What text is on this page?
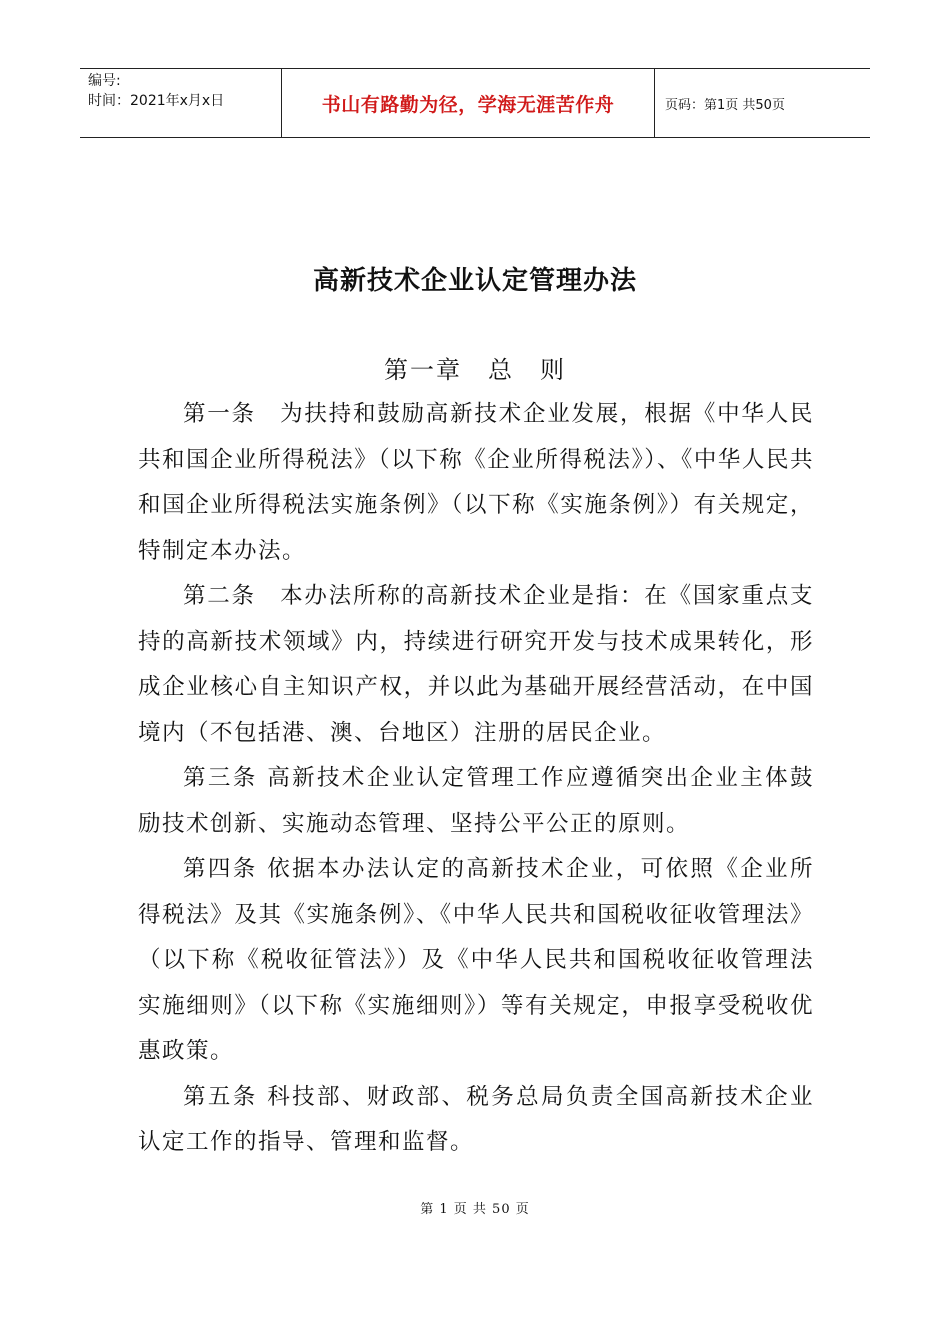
编号:
时间：2021年x月x日	书山有路勤为径，学海无涯苦作舟	页码：第1页 共50页
高新技术企业认定管理办法
第一章　总　则

第一条　为扶持和鼓励高新技术企业发展，根据《中华人民共和国企业所得税法》（以下称《企业所得税法》）、《中华人民共和国企业所得税法实施条例》（以下称《实施条例》）有关规定，特制定本办法。

第二条　本办法所称的高新技术企业是指：在《国家重点支持的高新技术领域》内，持续进行研究开发与技术成果转化，形成企业核心自主知识产权，并以此为基础开展经营活动，在中国境内（不包括港、澳、台地区）注册的居民企业。

第三条 高新技术企业认定管理工作应遵循突出企业主体鼓励技术创新、实施动态管理、坚持公平公正的原则。

第四条 依据本办法认定的高新技术企业，可依照《企业所得税法》及其《实施条例》、《中华人民共和国税收征收管理法》（以下称《税收征管法》）及《中华人民共和国税收征收管理法实施细则》（以下称《实施细则》）等有关规定，申报享受税收优惠政策。

第五条 科技部、财政部、税务总局负责全国高新技术企业认定工作的指导、管理和监督。

第 1 页 共 50 页
